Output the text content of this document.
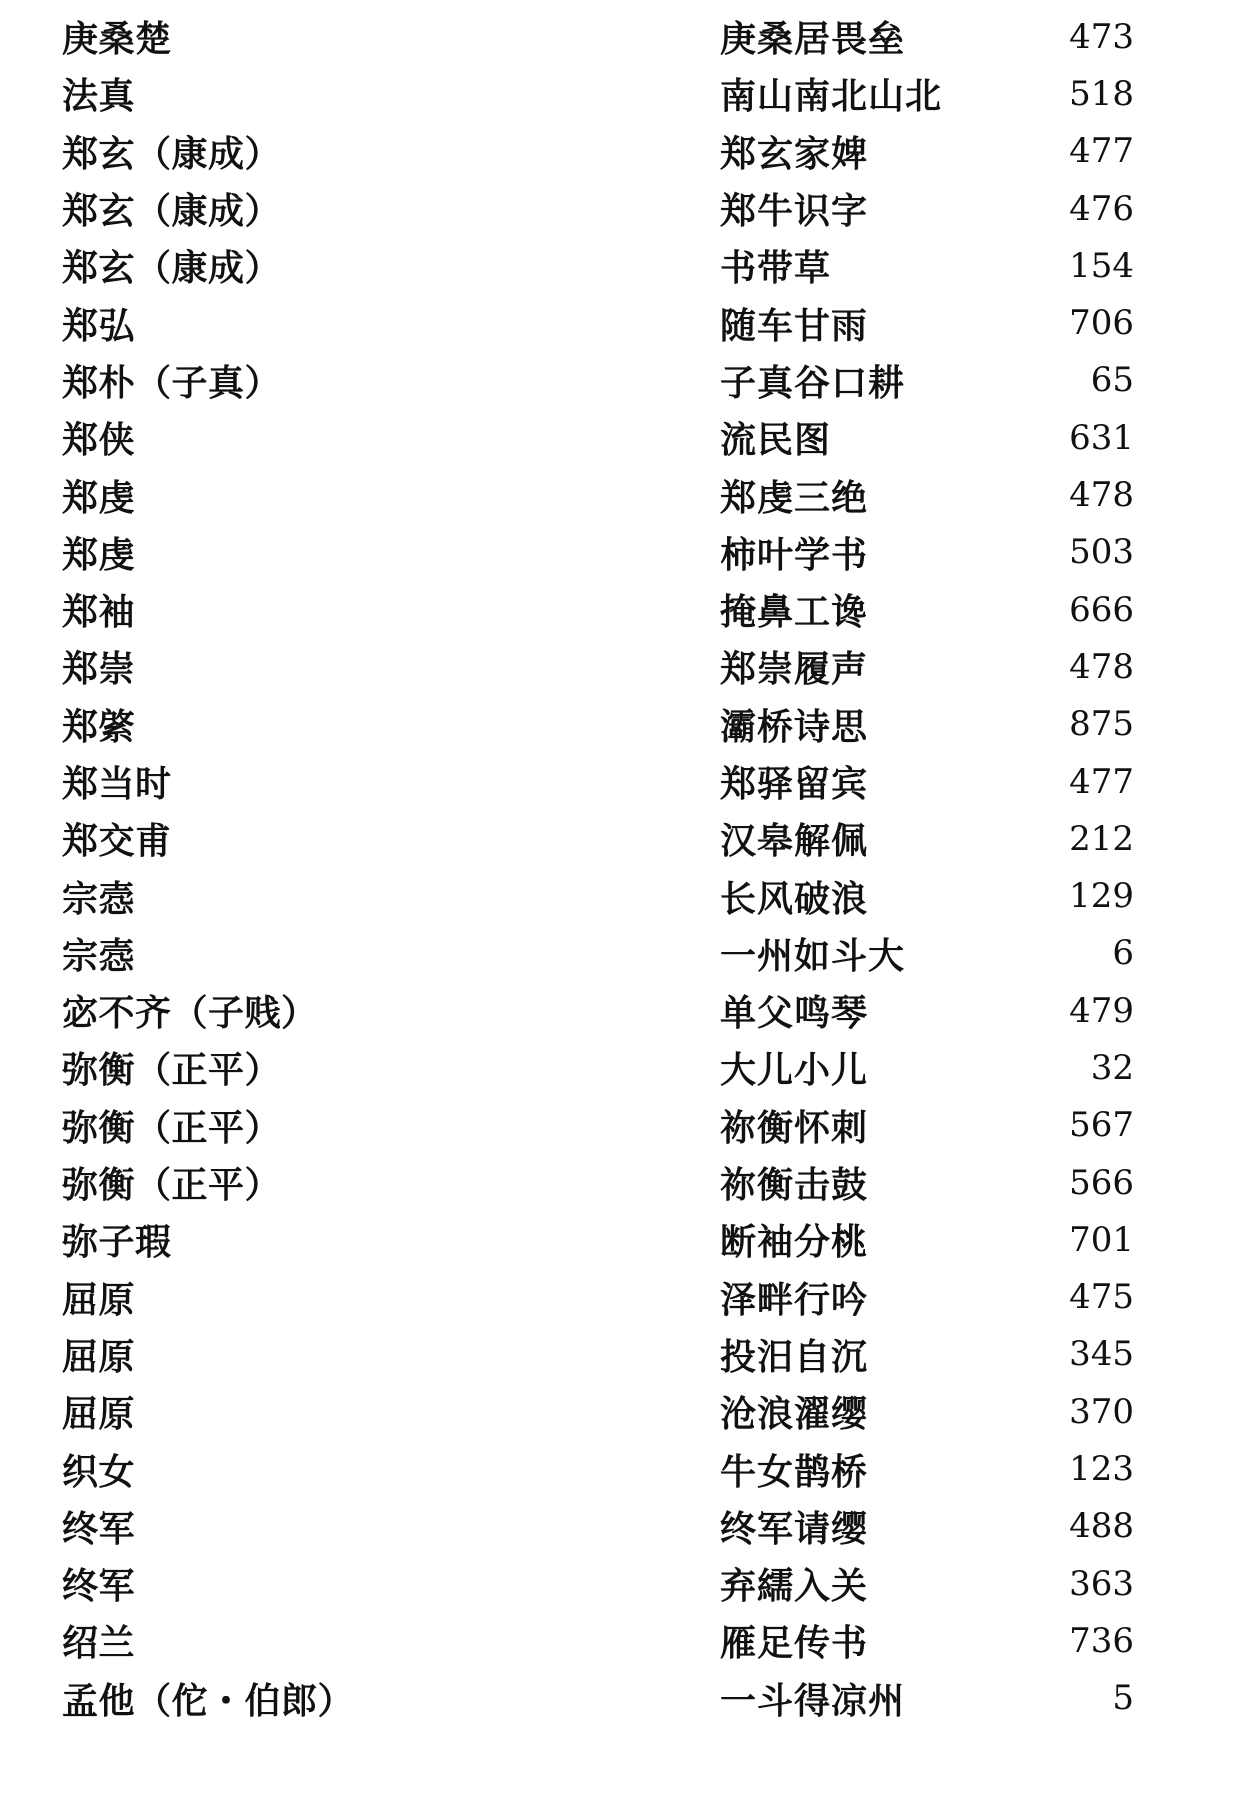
庚桑楚	庚桑居畏垒	473
法真	南山南北山北	518
郑玄（康成）	郑玄家婢	477
郑玄（康成）	郑牛识字	476
郑玄（康成）	书带草	154
郑弘	随车甘雨	706
郑朴（子真）	子真谷口耕	65
郑侠	流民图	631
郑虔	郑虔三绝	478
郑虔	柿叶学书	503
郑袖	掩鼻工谗	666
郑崇	郑崇履声	478
郑綮	灞桥诗思	875
郑当时	郑驿留宾	477
郑交甫	汉皋解佩	212
宗悫	长风破浪	129
宗悫	一州如斗大	6
宓不齐（子贱）	单父鸣琴	479
弥衡（正平）	大儿小儿	32
弥衡（正平）	祢衡怀刺	567
弥衡（正平）	祢衡击鼓	566
弥子瑕	断袖分桃	701
屈原	泽畔行吟	475
屈原	投汨自沉	345
屈原	沧浪濯缨	370
织女	牛女鹊桥	123
终军	终军请缨	488
终军	弃繻入关	363
绍兰	雁足传书	736
孟他（佗・伯郎）	一斗得凉州	5
